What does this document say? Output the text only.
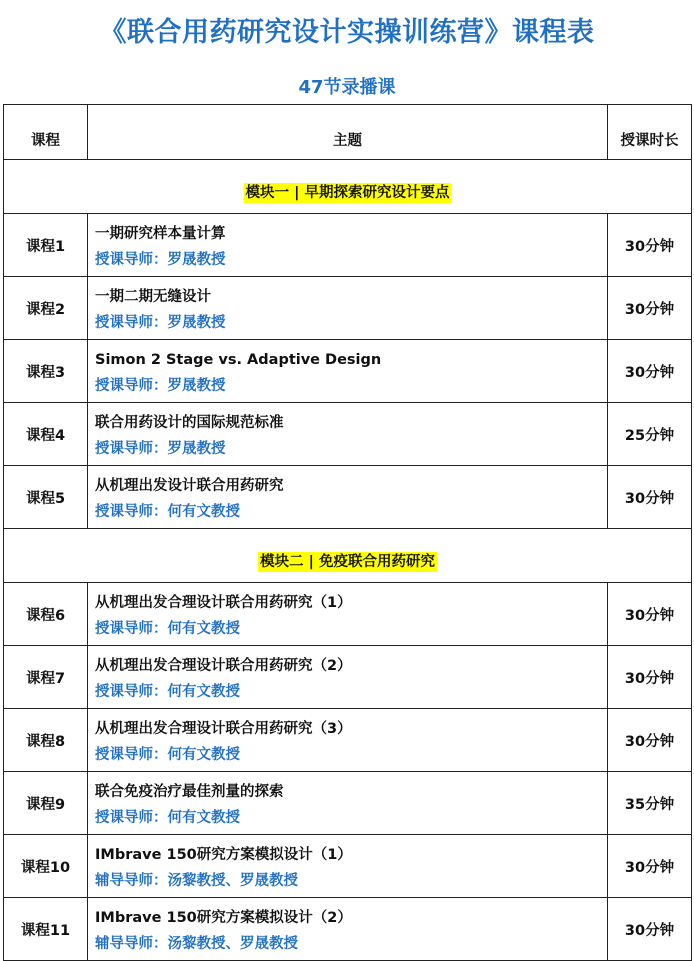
《联合用药研究设计实操训练营》课程表
47节录播课
课程	主题	授课时长
模块一 | 早期探索研究设计要点		
课程1	一期研究样本量计算
授课导师：罗晟教授	30分钟
课程2	一期二期无缝设计
授课导师：罗晟教授	30分钟
课程3	Simon 2 Stage vs. Adaptive Design
授课导师：罗晟教授	30分钟
课程4	联合用药设计的国际规范标准
授课导师：罗晟教授	25分钟
课程5	从机理出发设计联合用药研究
授课导师：何有文教授	30分钟
模块二 | 免疫联合用药研究		
课程6	从机理出发合理设计联合用药研究（1）
授课导师：何有文教授	30分钟
课程7	从机理出发合理设计联合用药研究（2）
授课导师：何有文教授	30分钟
课程8	从机理出发合理设计联合用药研究（3）
授课导师：何有文教授	30分钟
课程9	联合免疫治疗最佳剂量的探索
授课导师：何有文教授	35分钟
课程10	IMbrave 150研究方案模拟设计（1）
辅导导师：汤黎教授、罗晟教授	30分钟
课程11	IMbrave 150研究方案模拟设计（2）
辅导导师：汤黎教授、罗晟教授	30分钟
